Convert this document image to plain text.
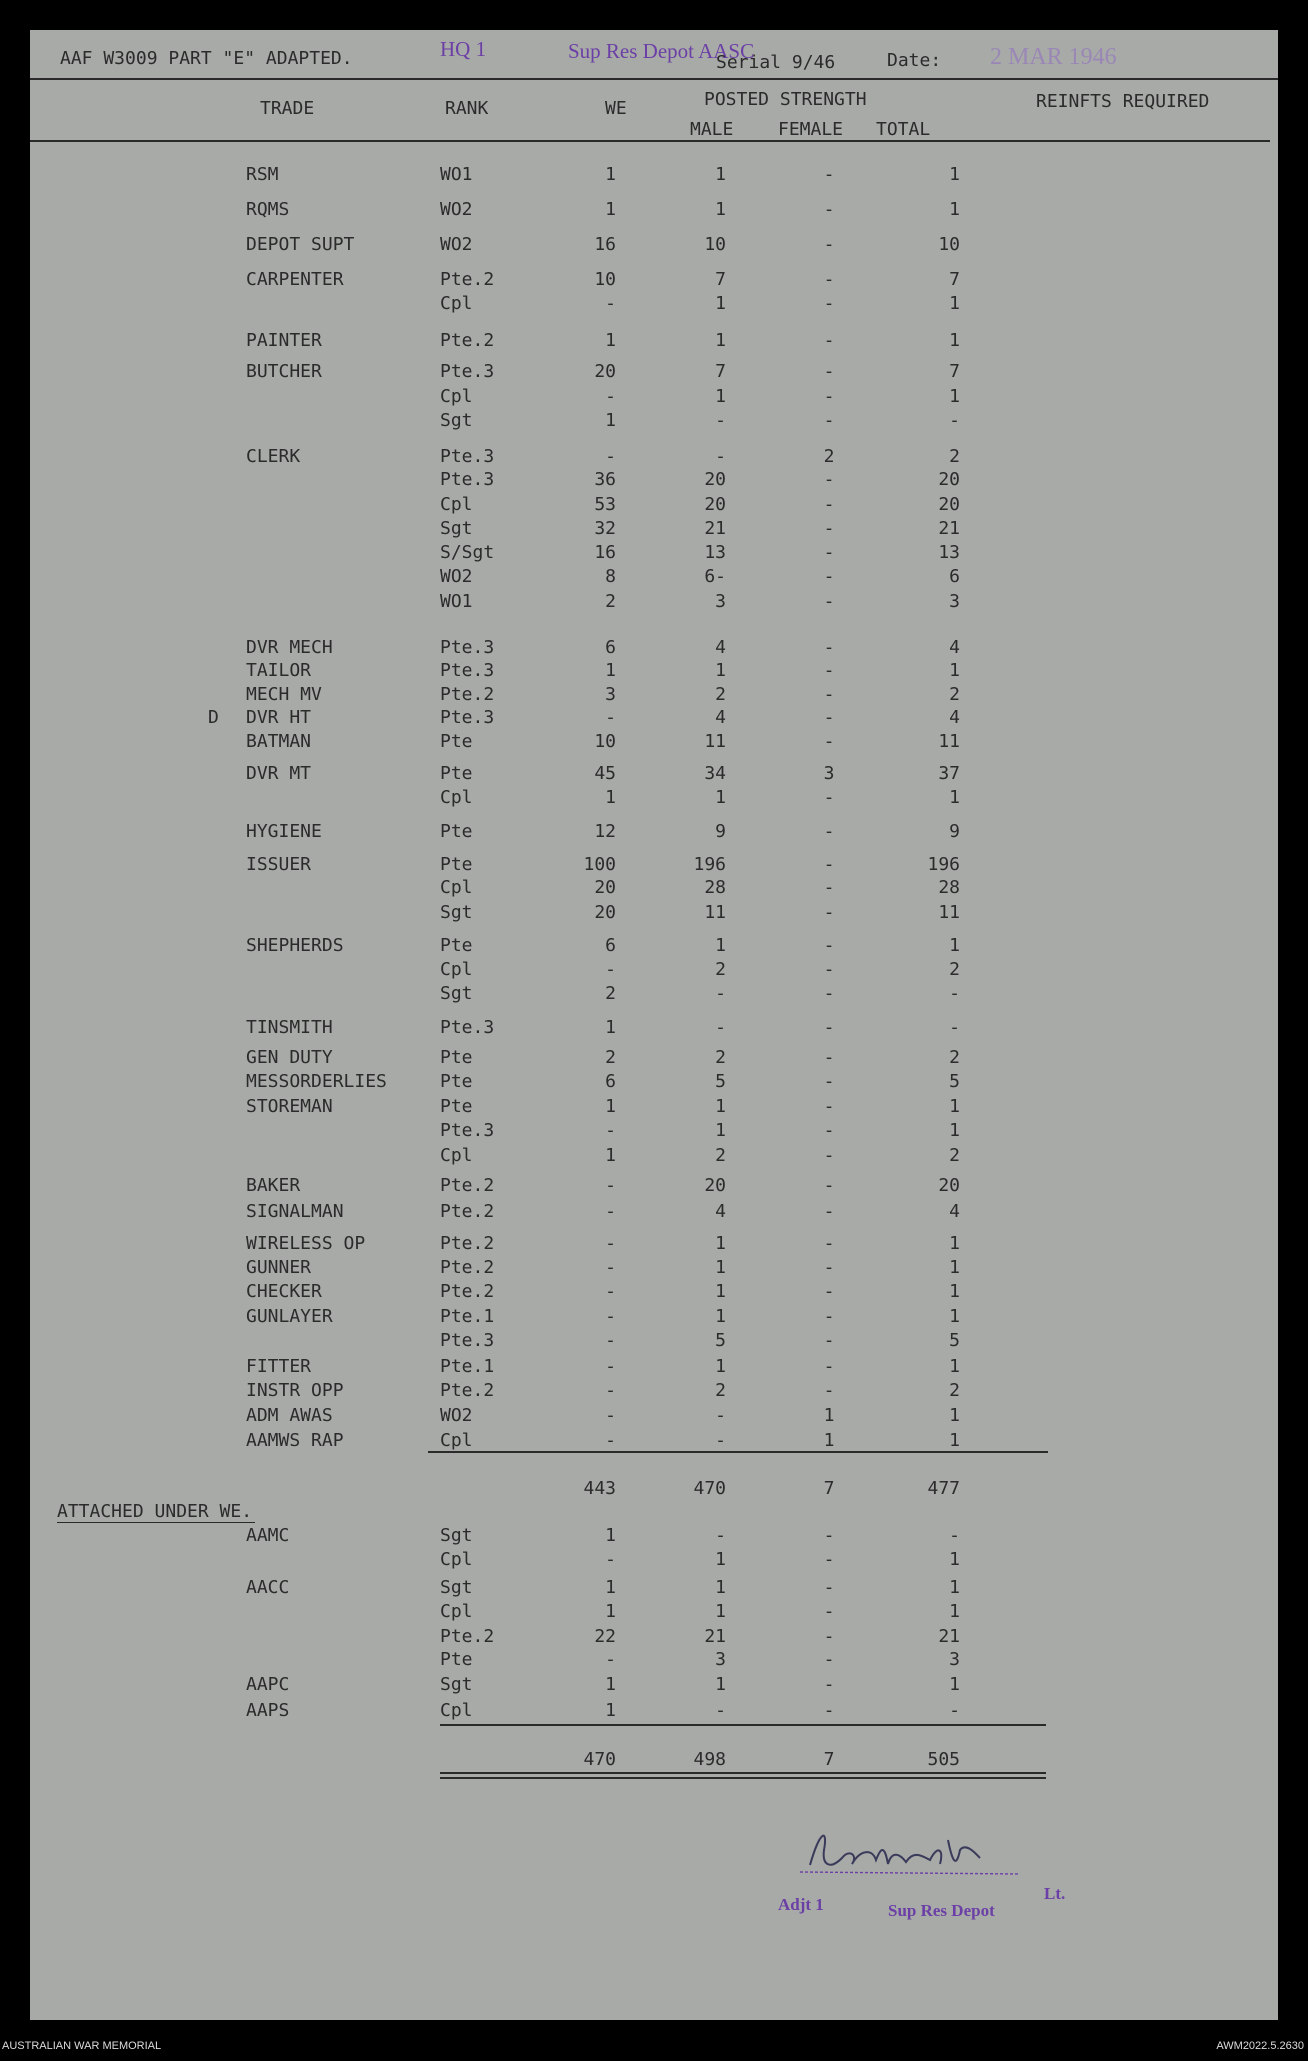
AAF W3009 PART "E" ADAPTED.	HQ 1	Sup Res Depot AASC
Serial 9/46	Date: 2 MAR 1946
TRADE	RANK	WE	POSTED STRENGTH
MALE FEMALE TOTAL
REINFTS REQUIRED
RSM	WO1	1	1	-	1
RQMS	WO2	1	1	-	1
DEPOT SUPT	WO2	16	10	-	10
CARPENTER	Pte.2	10	7	-	7
Cpl	-	1	-	1
PAINTER	Pte.2	1	1	-	1
BUTCHER	Pte.3	20	7	-	7
Cpl	-	1	-	1
Sgt	1	-	-	-
CLERK	Pte.3	-	-	2	2
Pte.3	36	20	-	20
Cpl	53	20	-	20
Sgt	32	21	-	21
S/Sgt	16	13	-	13
WO2	8	6-	-	6
WO1	2	3	-	3
DVR MECH	Pte.3	6	4	-	4
TAILOR	Pte.3	1	1	-	1
MECH MV	Pte.2	3	2	-	2
D DVR HT	Pte.3	-	4	-	4
BATMAN	Pte	10	11	-	11
DVR MT	Pte	45	34	3	37
Cpl	1	1	-	1
HYGIENE	Pte	12	9	-	9
ISSUER	Pte	100	196	-	196
Cpl	20	28	-	28
Sgt	20	11	-	11
SHEPHERDS	Pte	6	1	-	1
Cpl	-	2	-	2
Sgt	2	-	-	-
TINSMITH	Pte.3	1	-	-	-
GEN DUTY	Pte	2	2	-	2
MESSORDERLIES	Pte	6	5	-	5
STOREMAN	Pte	1	1	-	1
Pte.3	-	1	-	1
Cpl	1	2	-	2
BAKER	Pte.2	-	20	-	20
SIGNALMAN	Pte.2	-	4	-	4
WIRELESS OP	Pte.2	-	1	-	1
GUNNER	Pte.2	-	1	-	1
CHECKER	Pte.2	-	1	-	1
GUNLAYER	Pte.1	-	1	-	1
Pte.3	-	5	-	5
FITTER	Pte.1	-	1	-	1
INSTR OPP	Pte.2	-	2	-	2
ADM AWAS	WO2	-	-	1	1
AAMWS RAP	Cpl	-	-	1	1
443	470	7	477
ATTACHED UNDER WE.
AAMC	Sgt	1	-	-	-
Cpl	-	1	-	1
AACC	Sgt	1	1	-	1
Cpl	1	1	-	1
Pte.2	22	21	-	21
Pte	-	3	-	3
AAPC	Sgt	1	1	-	1
AAPS	Cpl	1	-	-	-
470	498	7	505
Lt.
Adjt 1	Sup Res Depot
AUSTRALIAN WAR MEMORIAL	AWM2022.5.2630
